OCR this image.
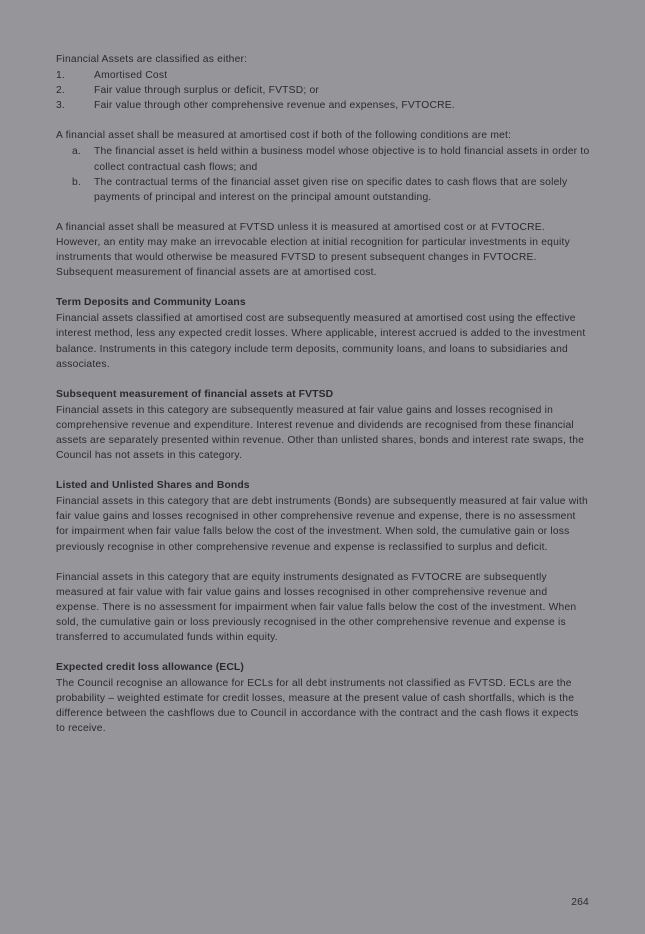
Financial Assets are classified as either:

1.	Amortised Cost
2.	Fair value through surplus or deficit, FVTSD; or
3.	Fair value through other comprehensive revenue and expenses, FVTOCRE.

A financial asset shall be measured at amortised cost if both of the following conditions are met:

a.	The financial asset is held within a business model whose objective is to hold financial assets in order to collect contractual cash flows; and
b.	The contractual terms of the financial asset given rise on specific dates to cash flows that are solely payments of principal and interest on the principal amount outstanding.

A financial asset shall be measured at FVTSD unless it is measured at amortised cost or at FVTOCRE. However, an entity may make an irrevocable election at initial recognition for particular investments in equity instruments that would otherwise be measured FVTSD to present subsequent changes in FVTOCRE. Subsequent measurement of financial assets are at amortised cost.

Term Deposits and Community Loans

Financial assets classified at amortised cost are subsequently measured at amortised cost using the effective interest method, less any expected credit losses. Where applicable, interest accrued is added to the investment balance. Instruments in this category include term deposits, community loans, and loans to subsidiaries and associates.

Subsequent measurement of financial assets at FVTSD

Financial assets in this category are subsequently measured at fair value gains and losses recognised in comprehensive revenue and expenditure. Interest revenue and dividends are recognised from these financial assets are separately presented within revenue. Other than unlisted shares, bonds and interest rate swaps, the Council has not assets in this category.

Listed and Unlisted Shares and Bonds

Financial assets in this category that are debt instruments (Bonds) are subsequently measured at fair value with fair value gains and losses recognised in other comprehensive revenue and expense, there is no assessment for impairment when fair value falls below the cost of the investment. When sold, the cumulative gain or loss previously recognise in other comprehensive revenue and expense is reclassified to surplus and deficit.

Financial assets in this category that are equity instruments designated as FVTOCRE are subsequently measured at fair value with fair value gains and losses recognised in other comprehensive revenue and expense. There is no assessment for impairment when fair value falls below the cost of the investment. When sold, the cumulative gain or loss previously recognised in the other comprehensive revenue and expense is transferred to accumulated funds within equity.

Expected credit loss allowance (ECL)

The Council recognise an allowance for ECLs for all debt instruments not classified as FVTSD. ECLs are the probability – weighted estimate for credit losses, measure at the present value of cash shortfalls, which is the difference between the cashflows due to Council in accordance with the contract and the cash flows it expects to receive.

264
